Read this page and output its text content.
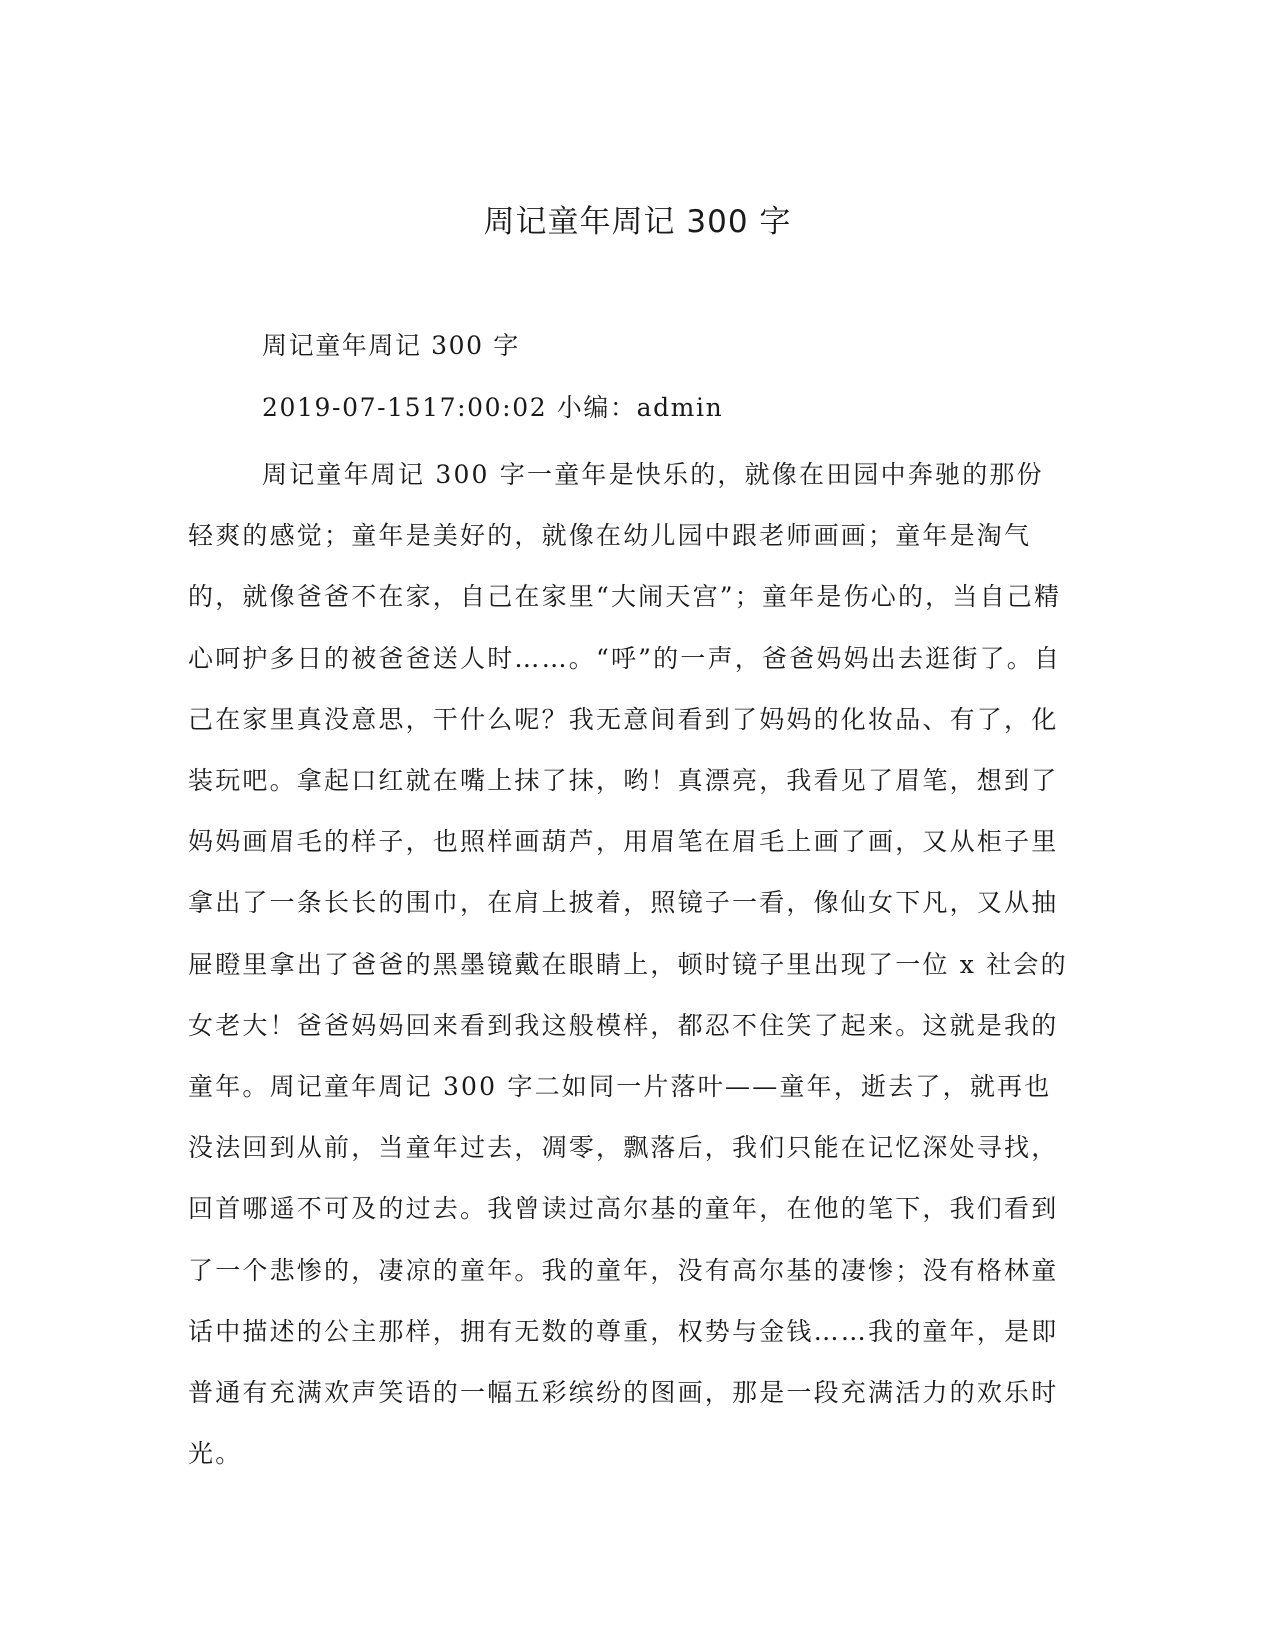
周记童年周记 300 字

周记童年周记 300 字

2019-07-1517:00:02 小编：admin

周记童年周记 300 字一童年是快乐的，就像在田园中奔驰的那份轻爽的感觉；童年是美好的，就像在幼儿园中跟老师画画；童年是淘气的，就像爸爸不在家，自己在家里“大闹天宫”；童年是伤心的，当自己精心呵护多日的被爸爸送人时……。“呼”的一声，爸爸妈妈出去逛街了。自己在家里真没意思，干什么呢？我无意间看到了妈妈的化妆品、有了，化装玩吧。拿起口红就在嘴上抹了抹，哟！真漂亮，我看见了眉笔，想到了妈妈画眉毛的样子，也照样画葫芦，用眉笔在眉毛上画了画，又从柜子里拿出了一条长长的围巾，在肩上披着，照镜子一看，像仙女下凡，又从抽屉瞪里拿出了爸爸的黑墨镜戴在眼睛上，顿时镜子里出现了一位 x 社会的女老大！爸爸妈妈回来看到我这般模样，都忍不住笑了起来。这就是我的童年。周记童年周记 300 字二如同一片落叶——童年，逝去了，就再也没法回到从前，当童年过去，凋零，飘落后，我们只能在记忆深处寻找，回首哪遥不可及的过去。我曾读过高尔基的童年，在他的笔下，我们看到了一个悲惨的，凄凉的童年。我的童年，没有高尔基的凄惨；没有格林童话中描述的公主那样，拥有无数的尊重，权势与金钱……我的童年，是即普通有充满欢声笑语的一幅五彩缤纷的图画，那是一段充满活力的欢乐时光。
